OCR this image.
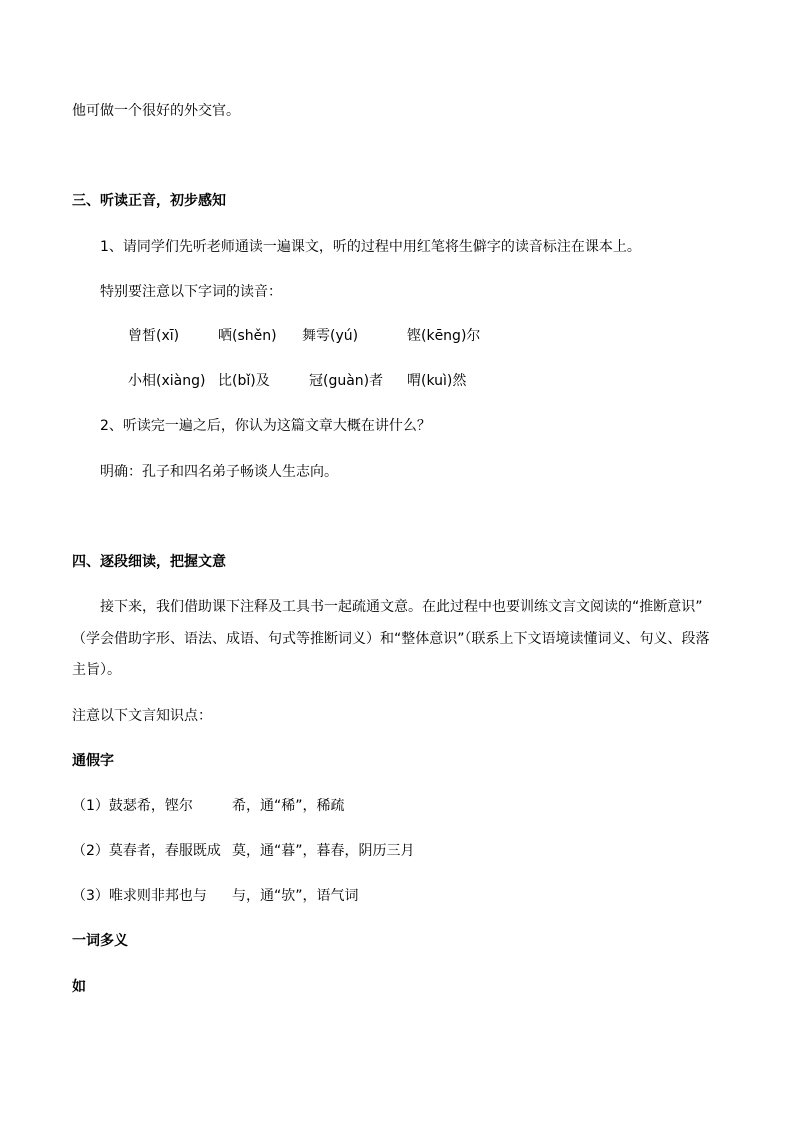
他可做一个很好的外交官。
三、听读正音，初步感知
1、请同学们先听老师通读一遍课文，听的过程中用红笔将生僻字的读音标注在课本上。
特别要注意以下字词的读音：
曾皙(xī)	哂(shěn) 舞雩(yú)	铿(kēng)尔
小相(xiàng) 比(bǐ)及	冠(guàn)者 喟(kuì)然
2、听读完一遍之后，你认为这篇文章大概在讲什么？
明确：孔子和四名弟子畅谈人生志向。
四、逐段细读，把握文意
接下来，我们借助课下注释及工具书一起疏通文意。在此过程中也要训练文言文阅读的“推断意识”
（学会借助字形、语法、成语、句式等推断词义）和“整体意识”（联系上下文语境读懂词义、句义、段落
主旨）。
注意以下文言知识点：
通假字
（1）鼓瑟希，铿尔	希，通“稀”，稀疏
（2）莫春者，春服既成 莫，通“暮”，暮春，阴历三月
（3）唯求则非邦也与 与，通“欤”，语气词
一词多义
如
